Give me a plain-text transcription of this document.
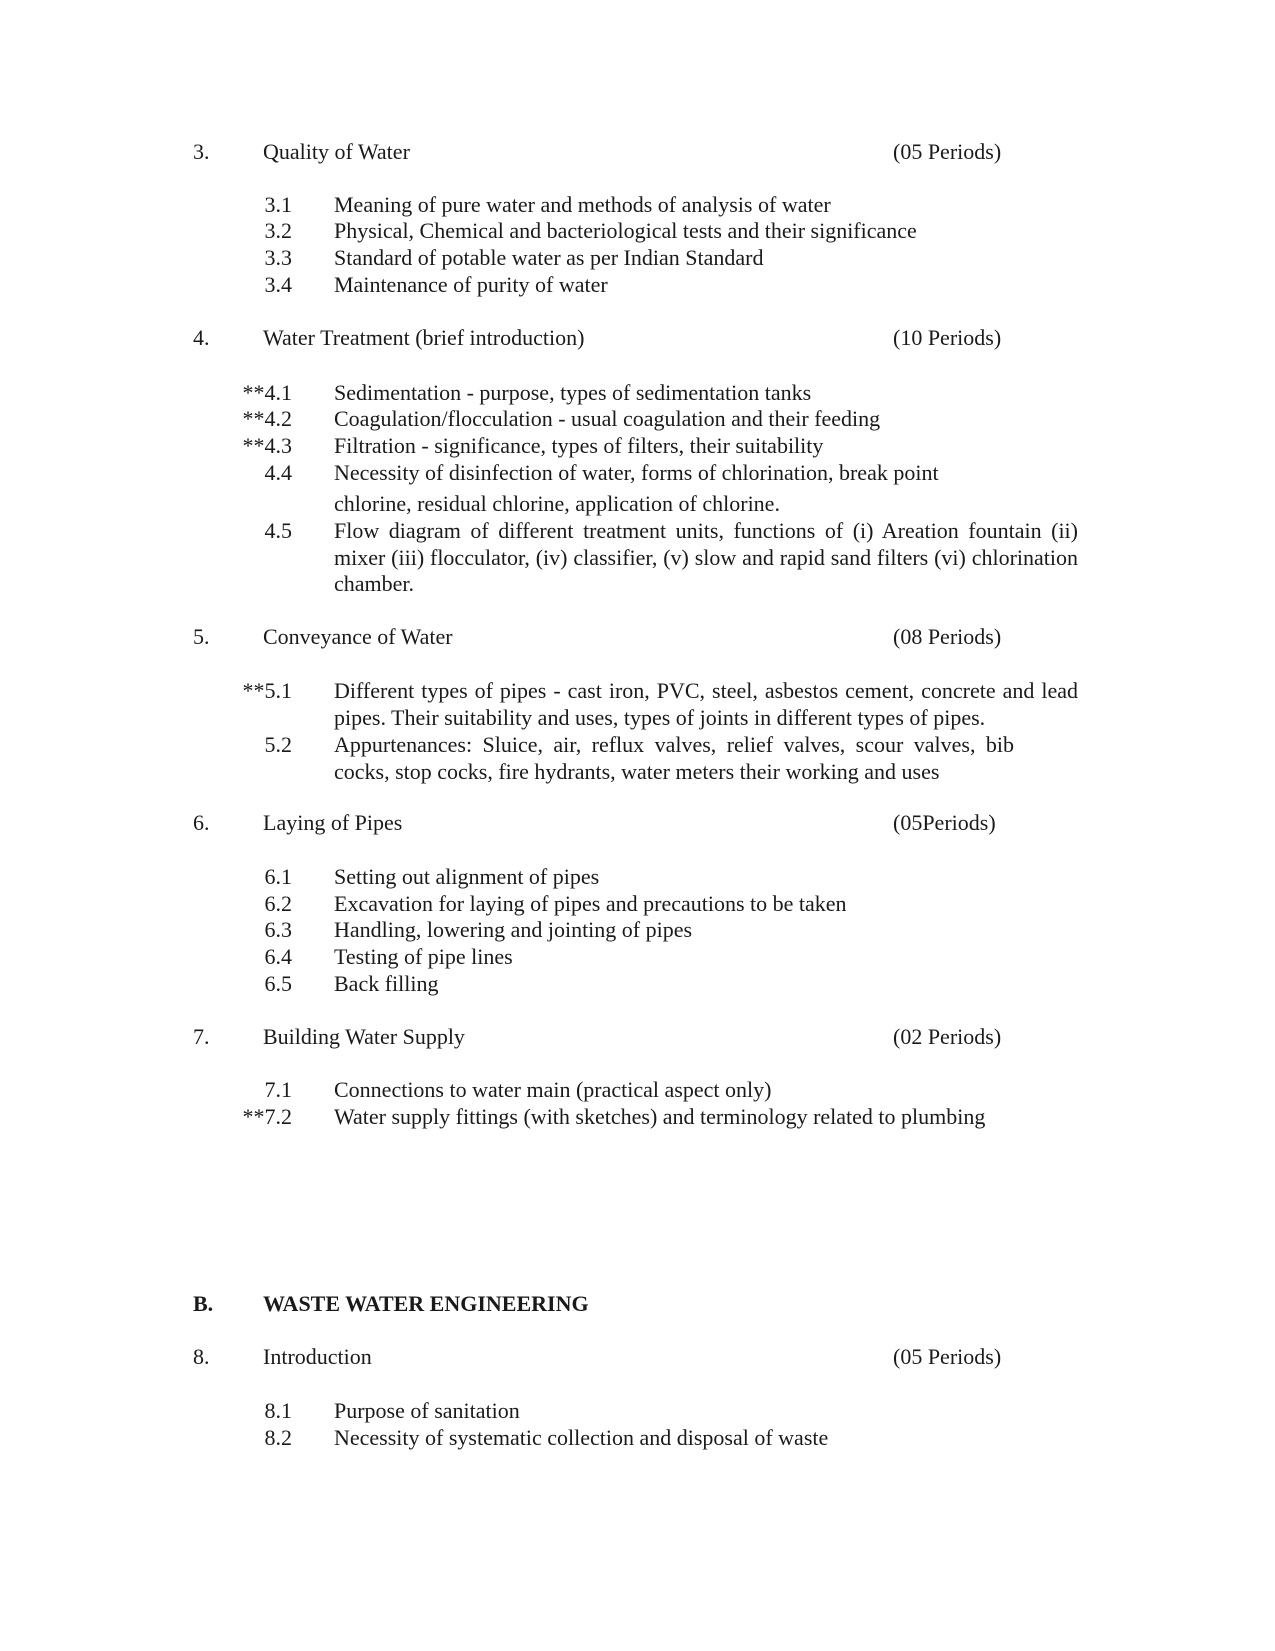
3. Quality of Water	(05 Periods)
3.1 Meaning of pure water and methods of analysis of water
3.2 Physical, Chemical and bacteriological tests and their significance
3.3 Standard of potable water as per Indian Standard
3.4 Maintenance of purity of water
4. Water Treatment (brief introduction)	(10 Periods)
**4.1 Sedimentation - purpose, types of sedimentation tanks
**4.2 Coagulation/flocculation - usual coagulation and their feeding
**4.3 Filtration - significance, types of filters, their suitability
4.4 Necessity of disinfection of water, forms of chlorination, break point
chlorine, residual chlorine, application of chlorine.
4.5 Flow diagram of different treatment units, functions of (i) Areation fountain (ii) mixer (iii) flocculator, (iv) classifier, (v) slow and rapid sand filters (vi) chlorination chamber.
5. Conveyance of Water	(08 Periods)
**5.1 Different types of pipes - cast iron, PVC, steel, asbestos cement, concrete and lead pipes. Their suitability and uses, types of joints in different types of pipes.
5.2 Appurtenances: Sluice, air, reflux valves, relief valves, scour valves, bib cocks, stop cocks, fire hydrants, water meters their working and uses
6. Laying of Pipes	(05Periods)
6.1 Setting out alignment of pipes
6.2 Excavation for laying of pipes and precautions to be taken
6.3 Handling, lowering and jointing of pipes
6.4 Testing of pipe lines
6.5 Back filling
7. Building Water Supply	(02 Periods)
7.1 Connections to water main (practical aspect only)
**7.2 Water supply fittings (with sketches) and terminology related to plumbing
B. WASTE WATER ENGINEERING
8. Introduction	(05 Periods)
8.1 Purpose of sanitation
8.2 Necessity of systematic collection and disposal of waste
